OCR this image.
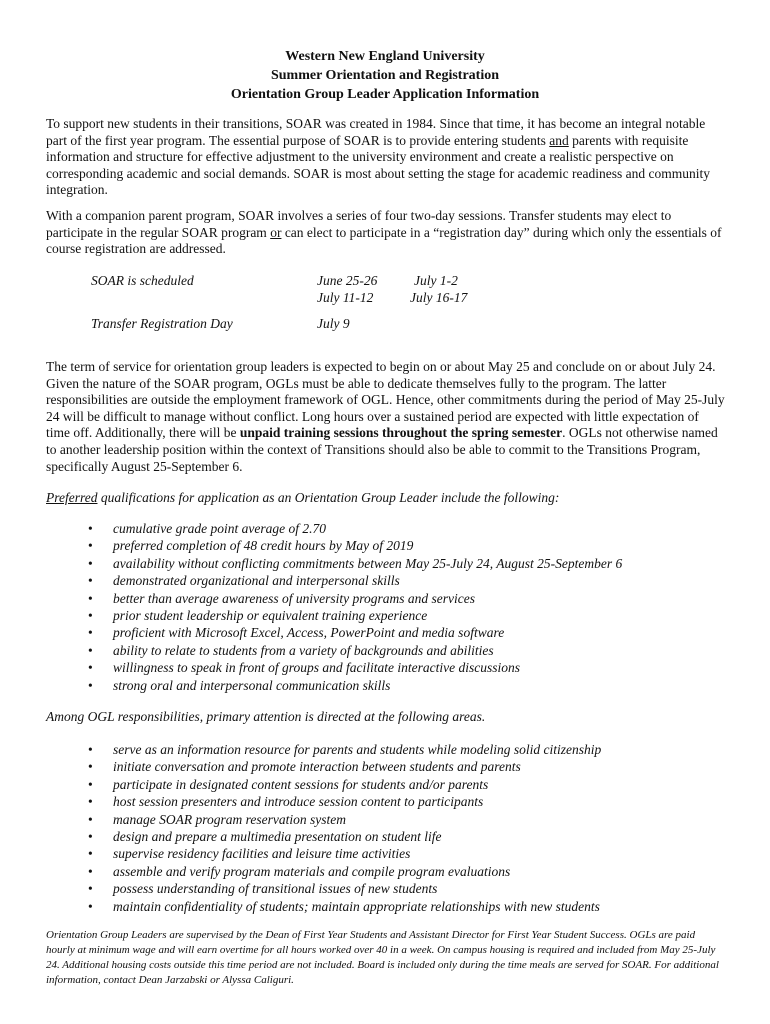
Western New England University
Summer Orientation and Registration
Orientation Group Leader Application Information
To support new students in their transitions, SOAR was created in 1984. Since that time, it has become an integral notable part of the first year program. The essential purpose of SOAR is to provide entering students and parents with requisite information and structure for effective adjustment to the university environment and create a realistic perspective on corresponding academic and social demands. SOAR is most about setting the stage for academic readiness and community integration.
With a companion parent program, SOAR involves a series of four two-day sessions. Transfer students may elect to participate in the regular SOAR program or can elect to participate in a “registration day” during which only the essentials of course registration are addressed.
SOAR is scheduled	June 25-26
July 11-12
July 1-2
July 16-17
Transfer Registration Day	July 9
The term of service for orientation group leaders is expected to begin on or about May 25 and conclude on or about July 24. Given the nature of the SOAR program, OGLs must be able to dedicate themselves fully to the program. The latter responsibilities are outside the employment framework of OGL. Hence, other commitments during the period of May 25-July 24 will be difficult to manage without conflict. Long hours over a sustained period are expected with little expectation of time off. Additionally, there will be unpaid training sessions throughout the spring semester. OGLs not otherwise named to another leadership position within the context of Transitions should also be able to commit to the Transitions Program, specifically August 25-September 6.
Preferred qualifications for application as an Orientation Group Leader include the following:
• cumulative grade point average of 2.70
• preferred completion of 48 credit hours by May of 2019
• availability without conflicting commitments between May 25-July 24, August 25-September 6
• demonstrated organizational and interpersonal skills
• better than average awareness of university programs and services
• prior student leadership or equivalent training experience
• proficient with Microsoft Excel, Access, PowerPoint and media software
• ability to relate to students from a variety of backgrounds and abilities
• willingness to speak in front of groups and facilitate interactive discussions
• strong oral and interpersonal communication skills
Among OGL responsibilities, primary attention is directed at the following areas.
• serve as an information resource for parents and students while modeling solid citizenship
• initiate conversation and promote interaction between students and parents
• participate in designated content sessions for students and/or parents
• host session presenters and introduce session content to participants
• manage SOAR program reservation system
• design and prepare a multimedia presentation on student life
• supervise residency facilities and leisure time activities
• assemble and verify program materials and compile program evaluations
• possess understanding of transitional issues of new students
• maintain confidentiality of students; maintain appropriate relationships with new students
Orientation Group Leaders are supervised by the Dean of First Year Students and Assistant Director for First Year Student Success. OGLs are paid hourly at minimum wage and will earn overtime for all hours worked over 40 in a week. On campus housing is required and included from May 25-July 24. Additional housing costs outside this time period are not included. Board is included only during the time meals are served for SOAR. For additional information, contact Dean Jarzabski or Alyssa Caliguri.
